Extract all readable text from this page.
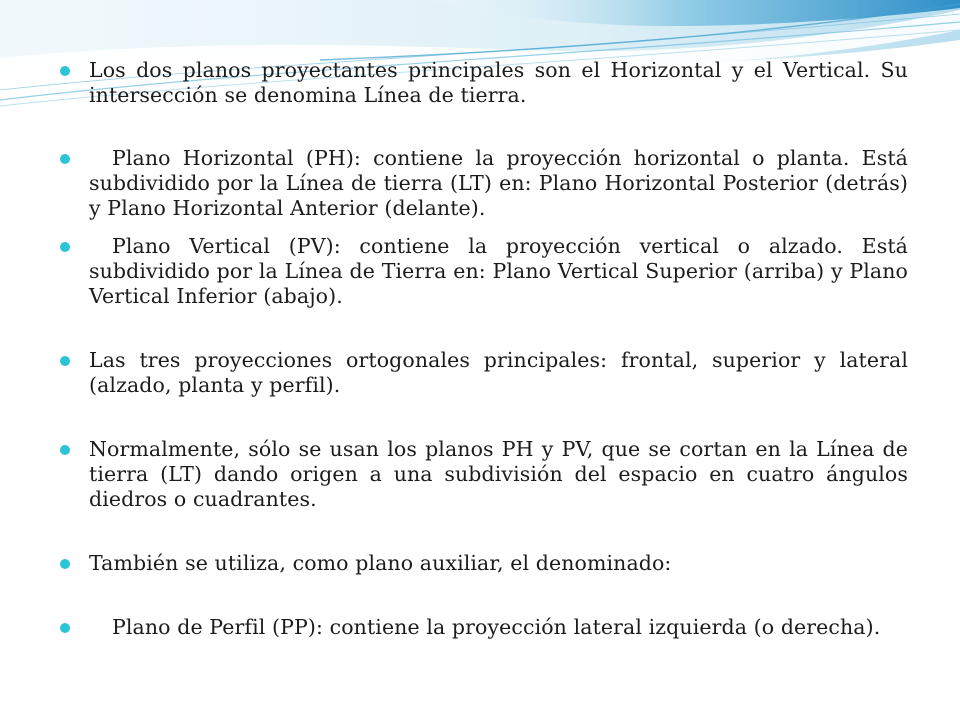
Los dos planos proyectantes principales son el Horizontal y el Vertical. Su intersección se denomina Línea de tierra.
Plano Horizontal (PH): contiene la proyección horizontal o planta. Está subdividido por la Línea de tierra (LT) en: Plano Horizontal Posterior (detrás) y Plano Horizontal Anterior (delante).
Plano Vertical (PV): contiene la proyección vertical o alzado. Está subdividido por la Línea de Tierra en: Plano Vertical Superior (arriba) y Plano Vertical Inferior (abajo).
Las tres proyecciones ortogonales principales: frontal, superior y lateral (alzado, planta y perfil).
Normalmente, sólo se usan los planos PH y PV, que se cortan en la Línea de tierra (LT) dando origen a una subdivisión del espacio en cuatro ángulos diedros o cuadrantes.
También se utiliza, como plano auxiliar, el denominado:
Plano de Perfil (PP): contiene la proyección lateral izquierda (o derecha).
